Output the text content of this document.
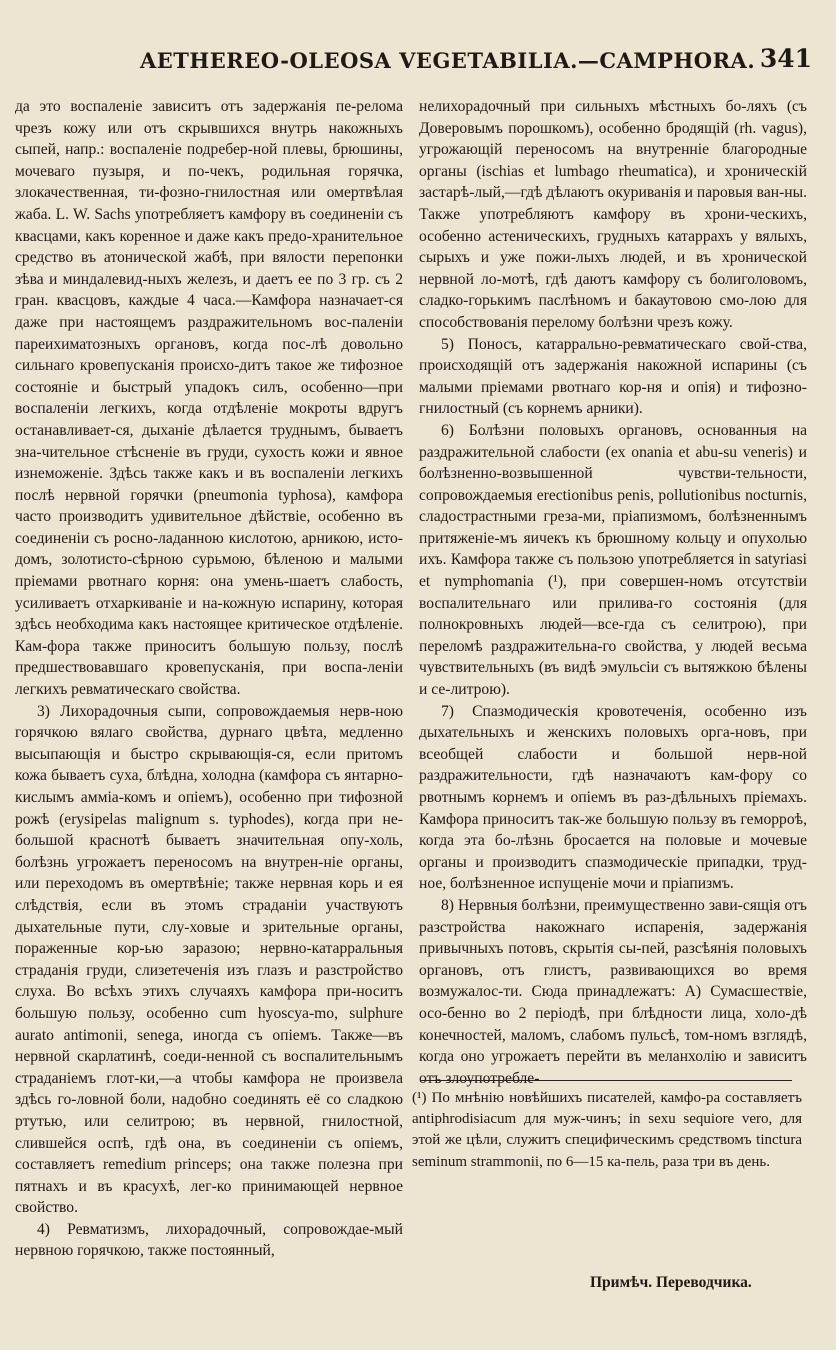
AETHEREO-OLEOSA VEGETABILIA.—CAMPHORA. 341

да это воспаленіе зависитъ отъ задержанія пе-релома чрезъ кожу или отъ скрывшихся внутрь накожныхъ сыпей, напр.: воспаленіе подребер-ной плевы, брюшины, мочеваго пузыря, и по-чекъ, родильная горячка, злокачественная, ти-фозно-гнилостная или омертвѣлая жаба. L. W. Sachs употребляетъ камфору въ соединеніи съ квасцами, какъ коренное и даже какъ предо-хранительное средство въ атонической жабѣ, при вялости перепонки зѣва и миндалевид-ныхъ железъ, и даетъ ее по 3 гр. съ 2 гран. квасцовъ, каждые 4 часа.—Камфора назначает-ся даже при настоящемъ раздражительномъ вос-паленіи пареихиматозныхъ органовъ, когда пос-лѣ довольно сильнаго кровепусканія происхо-дитъ такое же тифозное состояніе и быстрый упадокъ силъ, особенно—при воспаленіи легкихъ, когда отдѣленіе мокроты вдругъ останавливает-ся, дыханіе дѣлается труднымъ, бываетъ зна-чительное стѣсненіе въ груди, сухость кожи и явное изнеможеніе. Здѣсь также какъ и въ воспаленіи легкихъ послѣ нервной горячки (pneumonia typhosa), камфора часто производитъ удивительное дѣйствіе, особенно въ соединеніи съ росно-ладанною кислотою, арникою, исто-домъ, золотисто-сѣрною сурьмою, бѣленою и малыми пріемами рвотнаго корня: она умень-шаетъ слабость, усиливаетъ отхаркиваніе и на-кожную испарину, которая здѣсь необходима какъ настоящее критическое отдѣленіе. Кам-фора также приноситъ большую пользу, послѣ предшествовавшаго кровепусканія, при воспа-леніи легкихъ ревматическаго свойства.

3) Лихорадочныя сыпи, сопровождаемыя нерв-ною горячкою вялаго свойства, дурнаго цвѣта, медленно высыпающія и быстро скрывающія-ся, если притомъ кожа бываетъ суха, блѣдна, холодна (камфора съ янтарно-кислымъ аммia-комъ и опіемъ), особенно при тифозной рожѣ (erysipelas malignum s. typhodes), когда при не-большой краснотѣ бываетъ значительная опу-холь, болѣзнь угрожаетъ переносомъ на внутрен-ніе органы, или переходомъ въ омертвѣніе; также нервная корь и ея слѣдствія, если въ этомъ страданіи участвуютъ дыхательные пути, слу-ховые и зрительные органы, пораженные кор-ью заразою; нервно-катарральныя страданія груди, слизетеченія изъ глазъ и разстройство слуха. Во всѣхъ этихъ случаяхъ камфора при-носитъ большую пользу, особенно cum hyoscya-mo, sulphure aurato antimonii, senega, иногда съ опіемъ. Также—въ нервной скарлатинѣ, соеди-ненной съ воспалительнымъ страданіемъ глот-ки,—а чтобы камфора не произвела здѣсь го-ловной боли, надобно соединять её со сладкою ртутью, или селитрою; въ нервной, гнилостной, слившейся оспѣ, гдѣ она, въ соединеніи съ опіемъ, составляетъ remedium princeps; она также полезна при пятнахъ и въ красухѣ, лег-ко принимающей нервное свойство.

4) Ревматизмъ, лихорадочный, сопровождае-мый нервною горячкою, также постоянный,

нелихорадочный при сильныхъ мѣстныхъ бо-ляхъ (съ Доверовымъ порошкомъ), особенно бродящій (rh. vagus), угрожающій переносомъ на внутренніе благородные органы (ischias et lumbago rheumatica), и хроническій застарѣ-лый,—гдѣ дѣлаютъ окуриванія и паровыя ван-ны. Также употребляютъ камфору въ хрони-ческихъ, особенно астеническихъ, грудныхъ катаррахъ у вялыхъ, сырыхъ и уже пожи-лыхъ людей, и въ хронической нервной ло-мотѣ, гдѣ даютъ камфору съ болиголовомъ, сладко-горькимъ паслѣномъ и бакаутовою смо-лою для способствованія перелому болѣзни чрезъ кожу.

5) Поносъ, катаррально-ревматическаго свой-ства, происходящій отъ задержанія накожной испарины (съ малыми пріемами рвотнаго кор-ня и опія) и тифозно-гнилостный (съ корнемъ арники).

6) Болѣзни половыхъ органовъ, основанныя на раздражительной слабости (ex onania et abu-su veneris) и болѣзненно-возвышенной чувстви-тельности, сопровождаемыя erectionibus penis, pollutionibus nocturnis, сладострастными греза-ми, пріапизмомъ, болѣзненнымъ притяженіе-мъ яичекъ къ брюшному кольцу и опухолью ихъ. Камфора также съ пользою употребляется in satyriasi et nymphomania (¹), при совершен-номъ отсутствіи воспалительнаго или прилива-го состоянія (для полнокровныхъ людей—все-гда съ селитрою), при переломѣ раздражительна-го свойства, у людей весьма чувствительныхъ (въ видѣ эмульсіи съ вытяжкою бѣлены и се-литрою).

7) Спазмодическія кровотеченія, особенно изъ дыхательныхъ и женскихъ половыхъ орга-новъ, при всеобщей слабости и большой нерв-ной раздражительности, гдѣ назначаютъ кам-фору со рвотнымъ корнемъ и опіемъ въ раз-дѣльныхъ пріемахъ. Камфора приноситъ так-же большую пользу въ геморроѣ, когда эта бо-лѣзнь бросается на половые и мочевые органы и производитъ спазмодическіе припадки, труд-ное, болѣзненное испущеніе мочи и пріапизмъ.

8) Нервныя болѣзни, преимущественно зави-сящія отъ разстройства накожнаго испаренія, задержанія привычныхъ потовъ, скрытія сы-пей, разсѣянія половыхъ органовъ, отъ глистъ, развивающихся во время возмужалос-ти. Сюда принадлежатъ: А) Сумасшествіе, осо-бенно во 2 періодѣ, при блѣдности лица, холо-дѣ конечностей, маломъ, слабомъ пульсѣ, том-номъ взглядѣ, когда оно угрожаетъ перейти въ меланхолію и зависитъ отъ злоупотребле-

(¹) По мнѣнію новѣйшихъ писателей, камфо-ра составляетъ antiphrodisiacum для муж-чинъ; in sexu sequiore vero, для этой же цѣли, служитъ специфическимъ средствомъ tinctura seminum strammonii, по 6—15 ка-пель, раза три въ день.
Примѣч. Переводчика.
